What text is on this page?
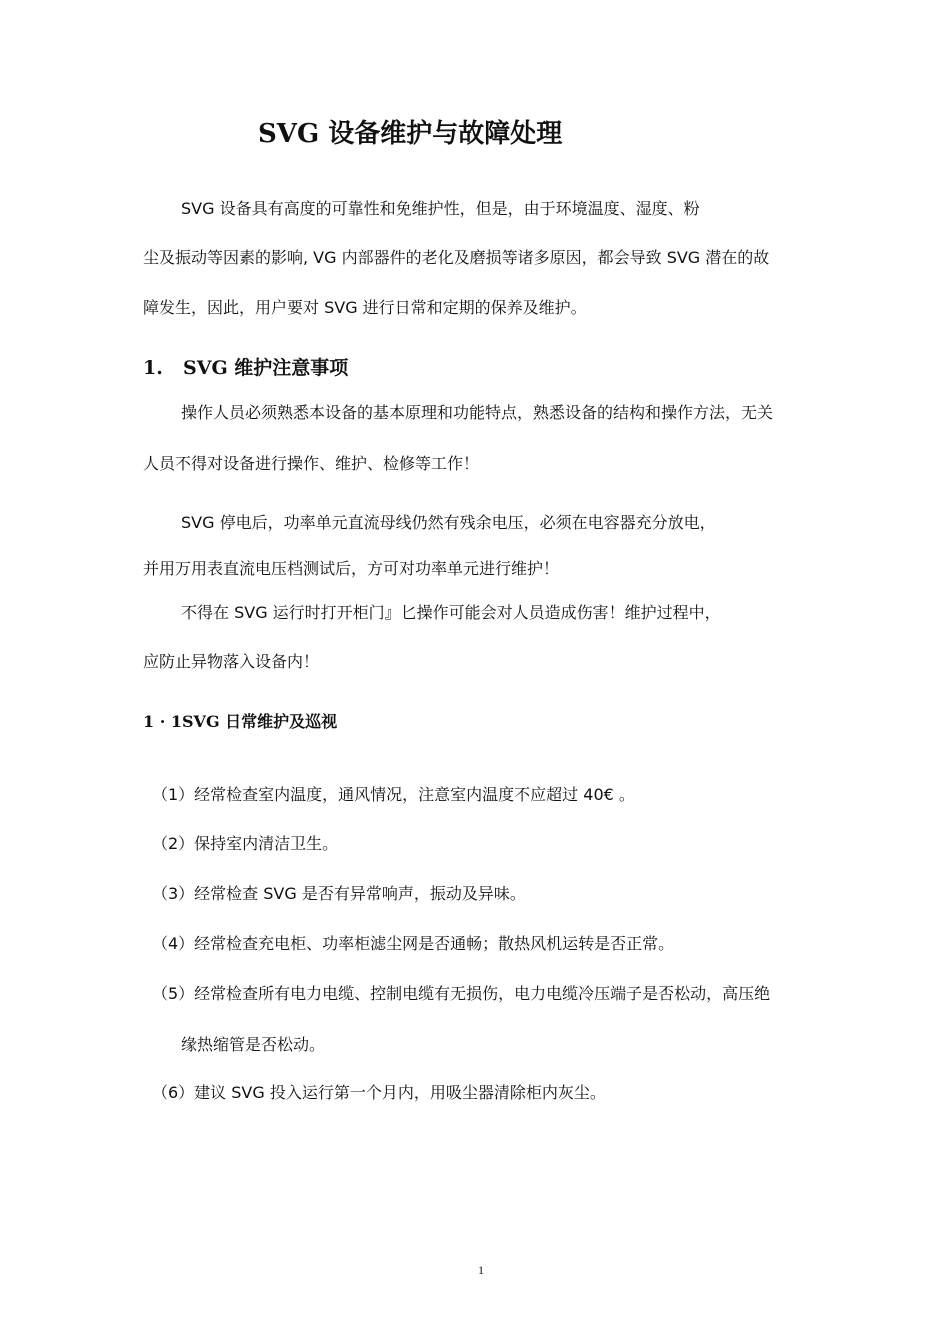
SVG 设备维护与故障处理
SVG 设备具有高度的可靠性和免维护性，但是，由于环境温度、湿度、粉
尘及振动等因素的影响, VG 内部器件的老化及磨损等诸多原因，都会导致 SVG 潜在的故
障发生，因此，用户要对 SVG 进行日常和定期的保养及维护。
1. SVG 维护注意事项
操作人员必须熟悉本设备的基本原理和功能特点，熟悉设备的结构和操作方法，无关
人员不得对设备进行操作、维护、检修等工作！
SVG 停电后，功率单元直流母线仍然有残余电压，必须在电容器充分放电，
并用万用表直流电压档测试后，方可对功率单元进行维护！
不得在 SVG 运行时打开柜门』匕操作可能会对人员造成伤害！维护过程中，
应防止异物落入设备内！
1 · 1SVG 日常维护及巡视
（1）经常检查室内温度，通风情况，注意室内温度不应超过 40€ 。
（2）保持室内清洁卫生。
（3）经常检查 SVG 是否有异常响声，振动及异味。
（4）经常检查充电柜、功率柜滤尘网是否通畅；散热风机运转是否正常。
（5）经常检查所有电力电缆、控制电缆有无损伤，电力电缆冷压端子是否松动，高压绝
缘热缩管是否松动。
（6）建议 SVG 投入运行第一个月内，用吸尘器清除柜内灰尘。
1
